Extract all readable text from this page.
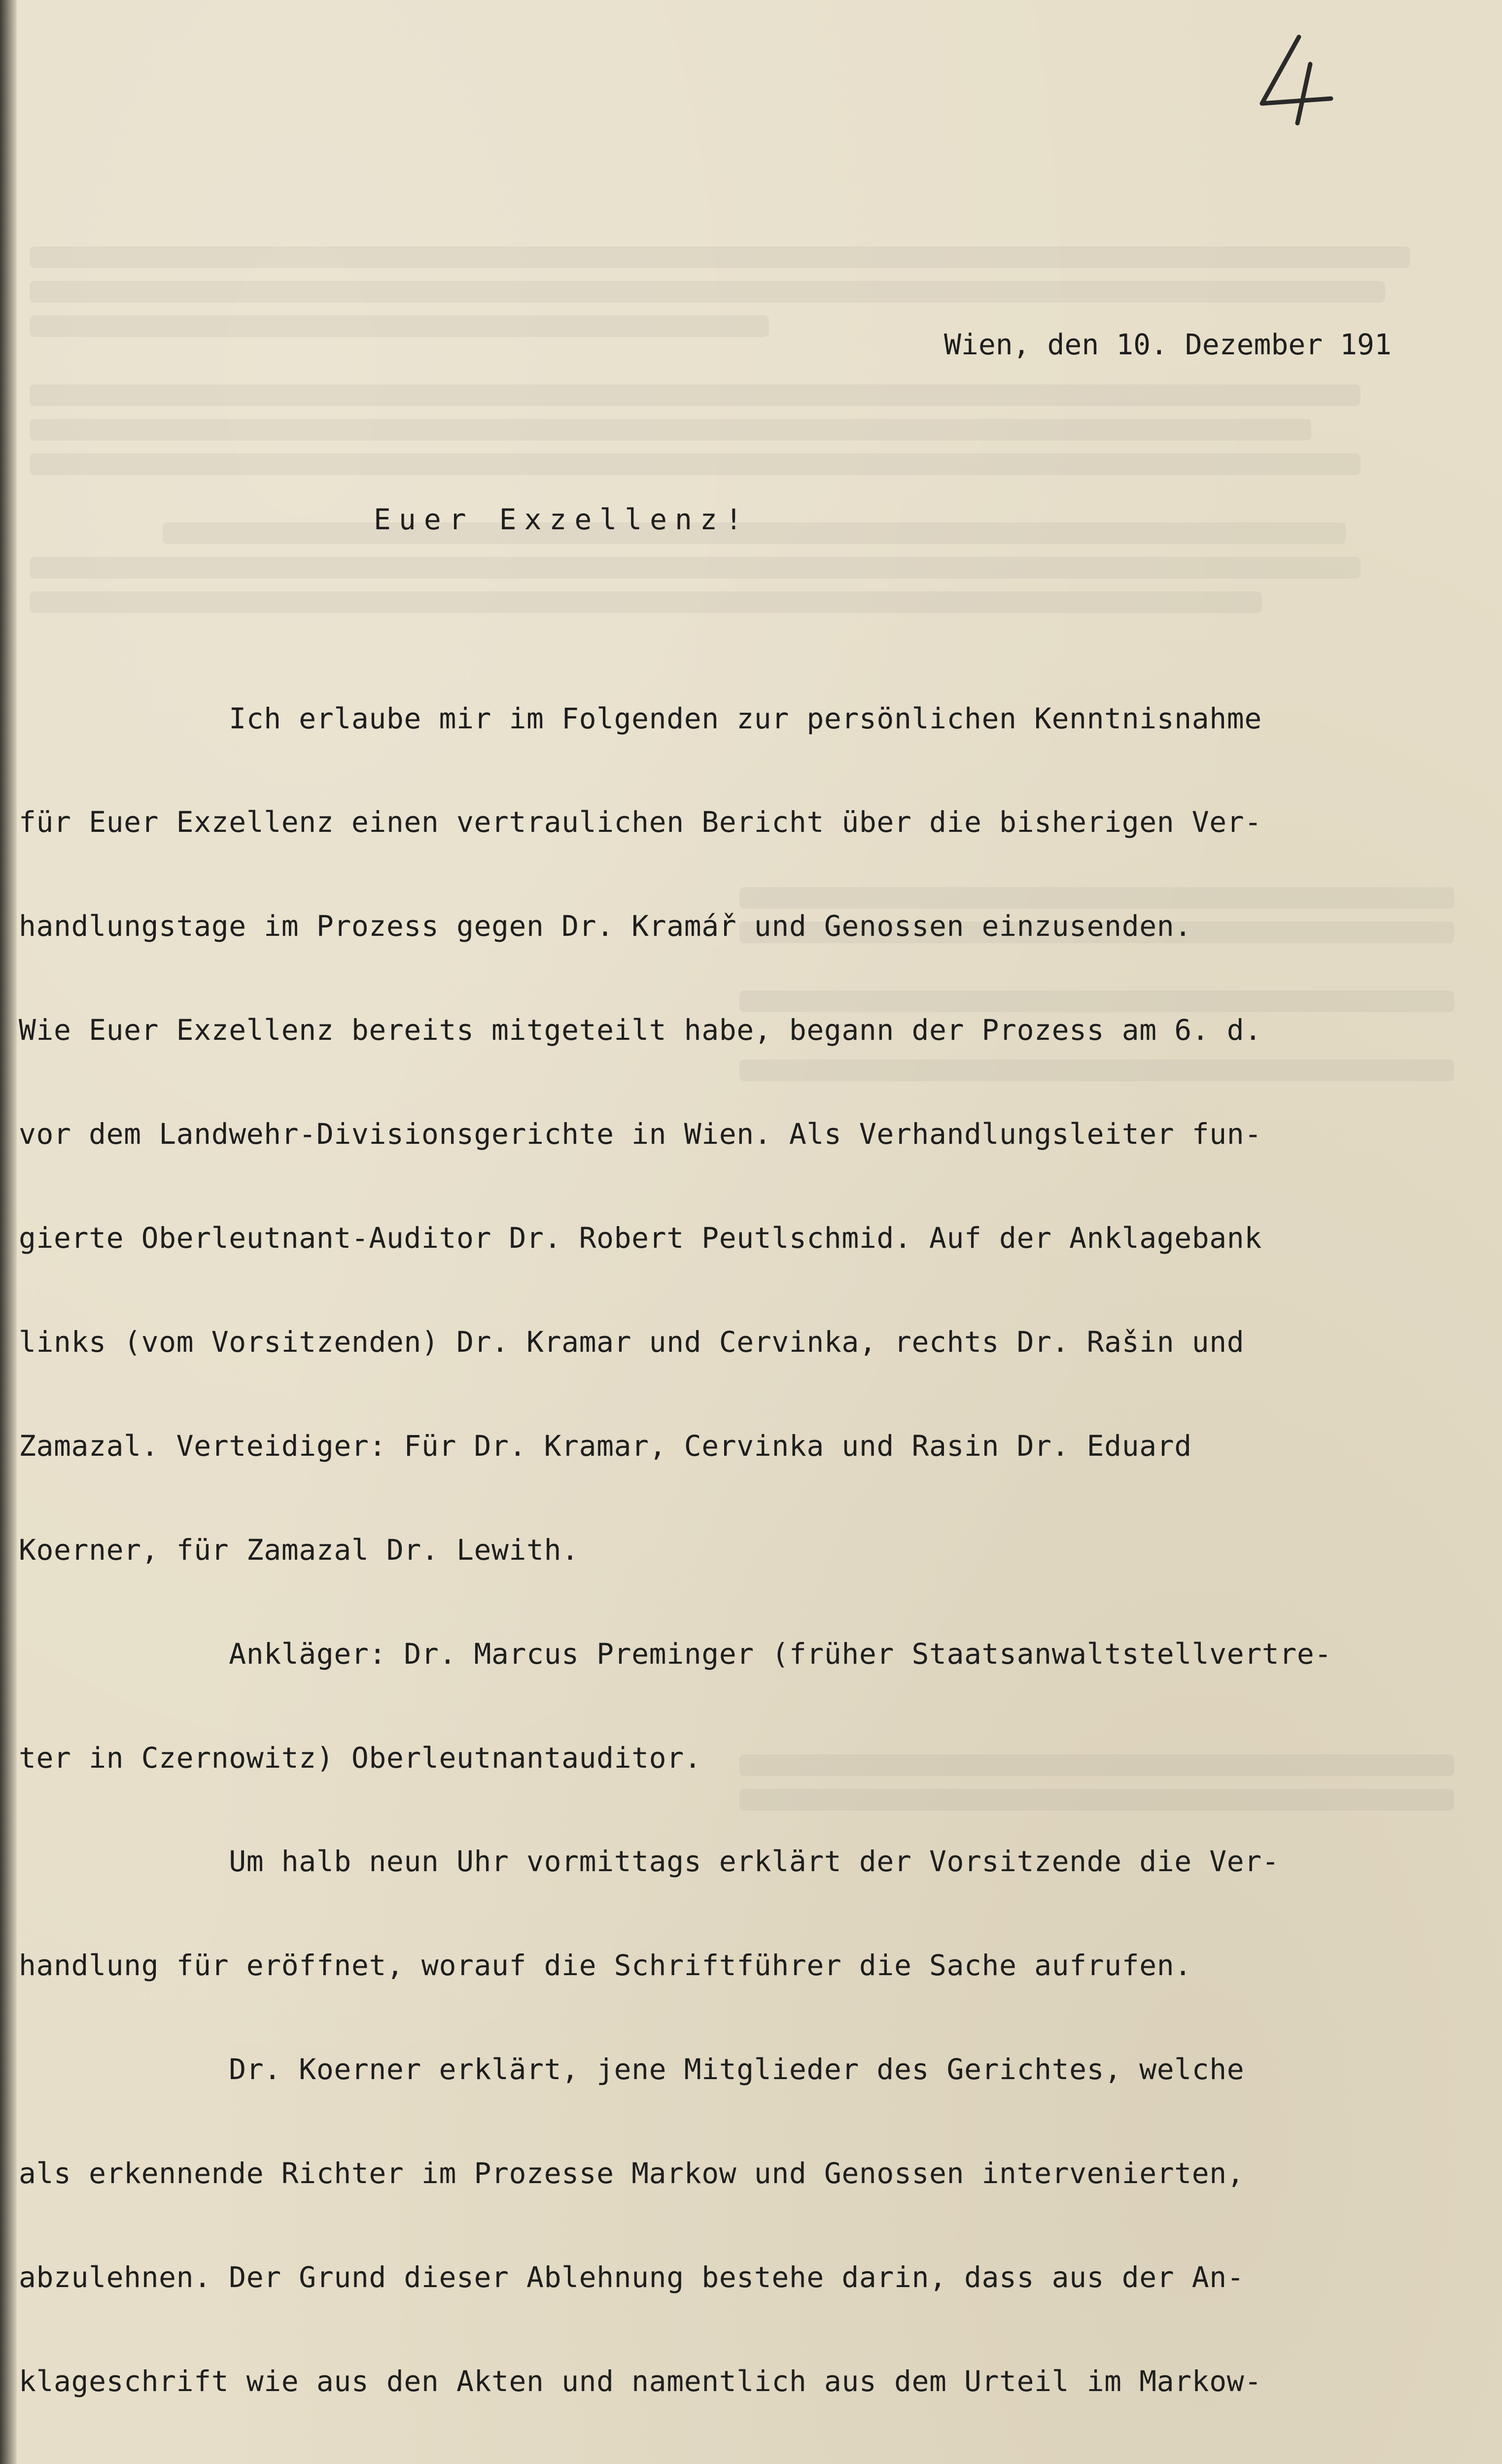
Wien, den 10. Dezember 191
Euer Exzellenz!

Ich erlaube mir im Folgenden zur persönlichen Kenntnisnahme

für Euer Exzellenz einen vertraulichen Bericht über die bisherigen Ver-

handlungstage im Prozess gegen Dr. Kramář und Genossen einzusenden.

Wie Euer Exzellenz bereits mitgeteilt habe, begann der Prozess am 6. d.

vor dem Landwehr-Divisionsgerichte in Wien. Als Verhandlungsleiter fun-

gierte Oberleutnant-Auditor Dr. Robert Peutlschmid. Auf der Anklagebank

links (vom Vorsitzenden) Dr. Kramar und Cervinka, rechts Dr. Rašin und

Zamazal. Verteidiger: Für Dr. Kramar, Cervinka und Rasin Dr. Eduard

Koerner, für Zamazal Dr. Lewith.

Ankläger: Dr. Marcus Preminger (früher Staatsanwaltstellvertre-

ter in Czernowitz) Oberleutnantauditor.

Um halb neun Uhr vormittags erklärt der Vorsitzende die Ver-

handlung für eröffnet, worauf die Schriftführer die Sache aufrufen.

Dr. Koerner erklärt, jene Mitglieder des Gerichtes, welche

als erkennende Richter im Prozesse Markow und Genossen intervenierten,

abzulehnen. Der Grund dieser Ablehnung bestehe darin, dass aus der An-

klageschrift wie aus den Akten und namentlich aus dem Urteil im Markow-
